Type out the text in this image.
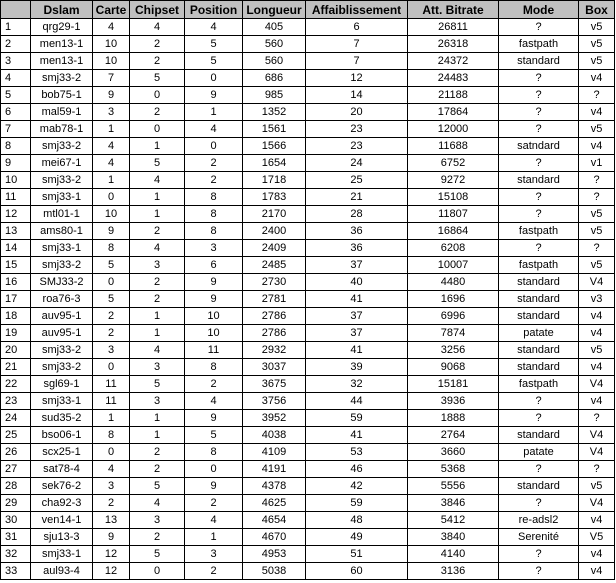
	Dslam	Carte	Chipset	Position	Longueur	Affaiblissement	Att. Bitrate	Mode	Box
1	qrg29-1	4	4	4	405	6	26811	?	v5
2	men13-1	10	2	5	560	7	26318	fastpath	v5
3	men13-1	10	2	5	560	7	24372	standard	v5
4	smj33-2	7	5	0	686	12	24483	?	v4
5	bob75-1	9	0	9	985	14	21188	?	?
6	mal59-1	3	2	1	1352	20	17864	?	v4
7	mab78-1	1	0	4	1561	23	12000	?	v5
8	smj33-2	4	1	0	1566	23	11688	satndard	v4
9	mei67-1	4	5	2	1654	24	6752	?	v1
10	smj33-2	1	4	2	1718	25	9272	standard	?
11	smj33-1	0	1	8	1783	21	15108	?	?
12	mtl01-1	10	1	8	2170	28	11807	?	v5
13	ams80-1	9	2	8	2400	36	16864	fastpath	v5
14	smj33-1	8	4	3	2409	36	6208	?	?
15	smj33-2	5	3	6	2485	37	10007	fastpath	v5
16	SMJ33-2	0	2	9	2730	40	4480	standard	V4
17	roa76-3	5	2	9	2781	41	1696	standard	v3
18	auv95-1	2	1	10	2786	37	6996	standard	v4
19	auv95-1	2	1	10	2786	37	7874	patate	v4
20	smj33-2	3	4	11	2932	41	3256	standard	v5
21	smj33-2	0	3	8	3037	39	9068	standard	v4
22	sgl69-1	11	5	2	3675	32	15181	fastpath	V4
23	smj33-1	11	3	4	3756	44	3936	?	v4
24	sud35-2	1	1	9	3952	59	1888	?	?
25	bso06-1	8	1	5	4038	41	2764	standard	V4
26	scx25-1	0	2	8	4109	53	3660	patate	V4
27	sat78-4	4	2	0	4191	46	5368	?	?
28	sek76-2	3	5	9	4378	42	5556	standard	v5
29	cha92-3	2	4	2	4625	59	3846	?	V4
30	ven14-1	13	3	4	4654	48	5412	re-adsl2	v4
31	sju13-3	9	2	1	4670	49	3840	Serenité	V5
32	smj33-1	12	5	3	4953	51	4140	?	v4
33	aul93-4	12	0	2	5038	60	3136	?	v4
